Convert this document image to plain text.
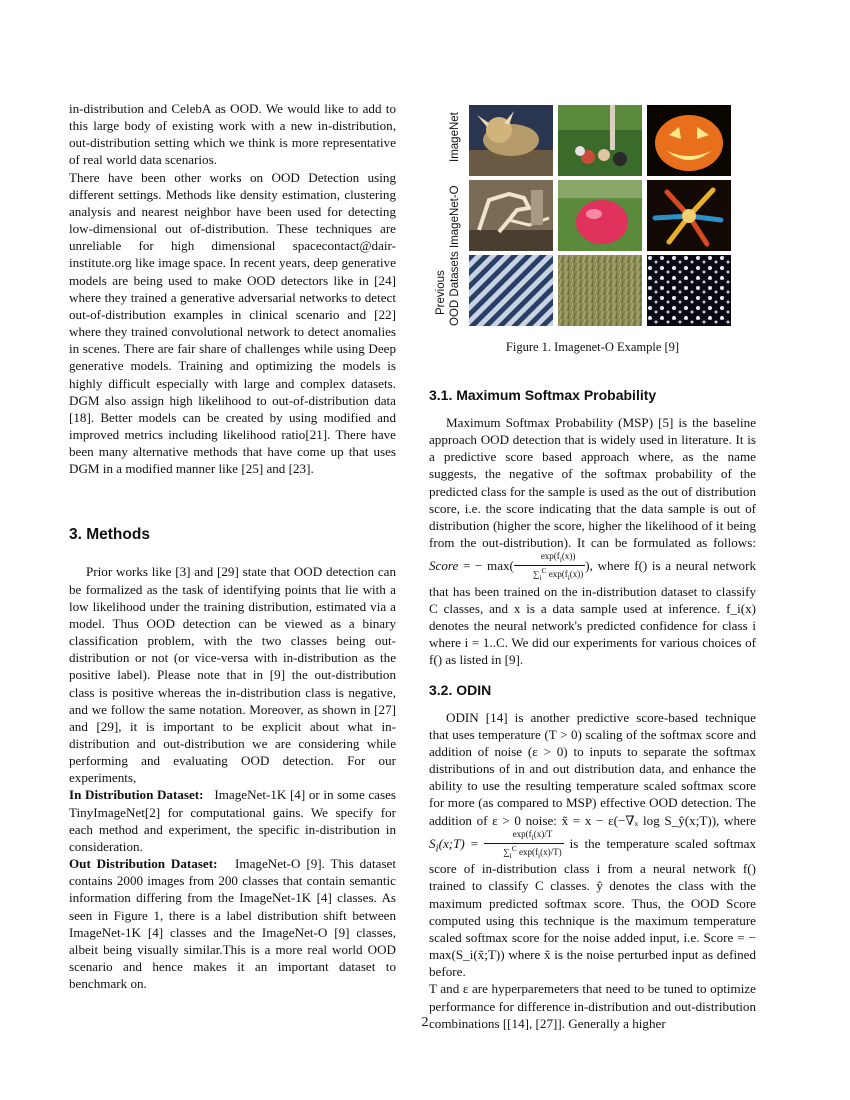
in-distribution and CelebA as OOD. We would like to add to this large body of existing work with a new in-distribution, out-distribution setting which we think is more representative of real world data scenarios.

There have been other works on OOD Detection using different settings. Methods like density estimation, clustering analysis and nearest neighbor have been used for detecting low-dimensional out of-distribution. These techniques are unreliable for high dimensional spacecontact@dair-institute.org like image space. In recent years, deep generative models are being used to make OOD detectors like in [24] where they trained a generative adversarial networks to detect out-of-distribution examples in clinical scenario and [22] where they trained convolutional network to detect anomalies in scenes. There are fair share of challenges while using Deep generative models. Training and optimizing the models is highly difficult especially with large and complex datasets. DGM also assign high likelihood to out-of-distribution data [18]. Better models can be created by using modified and improved metrics including likelihood ratio[21]. There have been many alternative methods that have come up that uses DGM in a modified manner like [25] and [23].

3. Methods

Prior works like [3] and [29] state that OOD detection can be formalized as the task of identifying points that lie with a low likelihood under the training distribution, estimated via a model. Thus OOD detection can be viewed as a binary classification problem, with the two classes being out-distribution or not (or vice-versa with in-distribution as the positive label). Please note that in [9] the out-distribution class is positive whereas the in-distribution class is negative, and we follow the same notation. Moreover, as shown in [27] and [29], it is important to be explicit about what in-distribution and out-distribution we are considering while performing and evaluating OOD detection. For our experiments,

In Distribution Dataset: ImageNet-1K [4] or in some cases TinyImageNet[2] for computational gains. We specify for each method and experiment, the specific in-distribution in consideration.

Out Distribution Dataset: ImageNet-O [9]. This dataset contains 2000 images from 200 classes that contain semantic information differing from the ImageNet-1K [4] classes. As seen in Figure 1, there is a label distribution shift between ImageNet-1K [4] classes and the ImageNet-O [9] classes, albeit being visually similar.This is a more real world OOD scenario and hence makes it an important dataset to benchmark on.

ImageNet
ImageNet-O
Previous OOD Datasets
Figure 1. Imagenet-O Example [9]
3.1. Maximum Softmax Probability

Maximum Softmax Probability (MSP) [5] is the baseline approach OOD detection that is widely used in literature. It is a predictive score based approach where, as the name suggests, the negative of the softmax probability of the predicted class for the sample is used as the out of distribution score, i.e. the score indicating that the data sample is out of distribution (higher the score, higher the likelihood of it being from the out-distribution). It can be formulated as follows: Score = − $\max( \frac{\exp(f_i(x))}{\sum_i^C \exp(f_i(x))}$ ), where f() is a neural network that has been trained on the in-distribution dataset to classify C classes, and x is a data sample used at inference. f_i(x) denotes the neural network's predicted confidence for class i where i = 1..C. We did our experiments for various choices of f() as listed in [9].

3.2. ODIN

ODIN [14] is another predictive score-based technique that uses temperature (T > 0) scaling of the softmax score and addition of noise (ε > 0) to inputs to separate the softmax distributions of in and out distribution data, and enhance the ability to use the resulting temperature scaled softmax score for more (as compared to MSP) effective OOD detection. The addition of ε > 0 noise: x̃ = x − ε(−∇ₓ log S_ŷ(x;T)), where $S_i(x;T) = \frac{\exp(f_i(x)/T}{\sum_i^C \exp(f_i(x)/T)}$ is the temperature scaled softmax score of in-distribution class i from a neural network f() trained to classify C classes. ŷ denotes the class with the maximum predicted softmax score. Thus, the OOD Score computed using this technique is the maximum temperature scaled softmax score for the noise added input, i.e. Score = − max(S_i(x̃;T)) where x̃ is the noise perturbed input as defined before.

T and ε are hyperparemeters that need to be tuned to optimize performance for difference in-distribution and out-distribution combinations [[14], [27]]. Generally a higher

2
